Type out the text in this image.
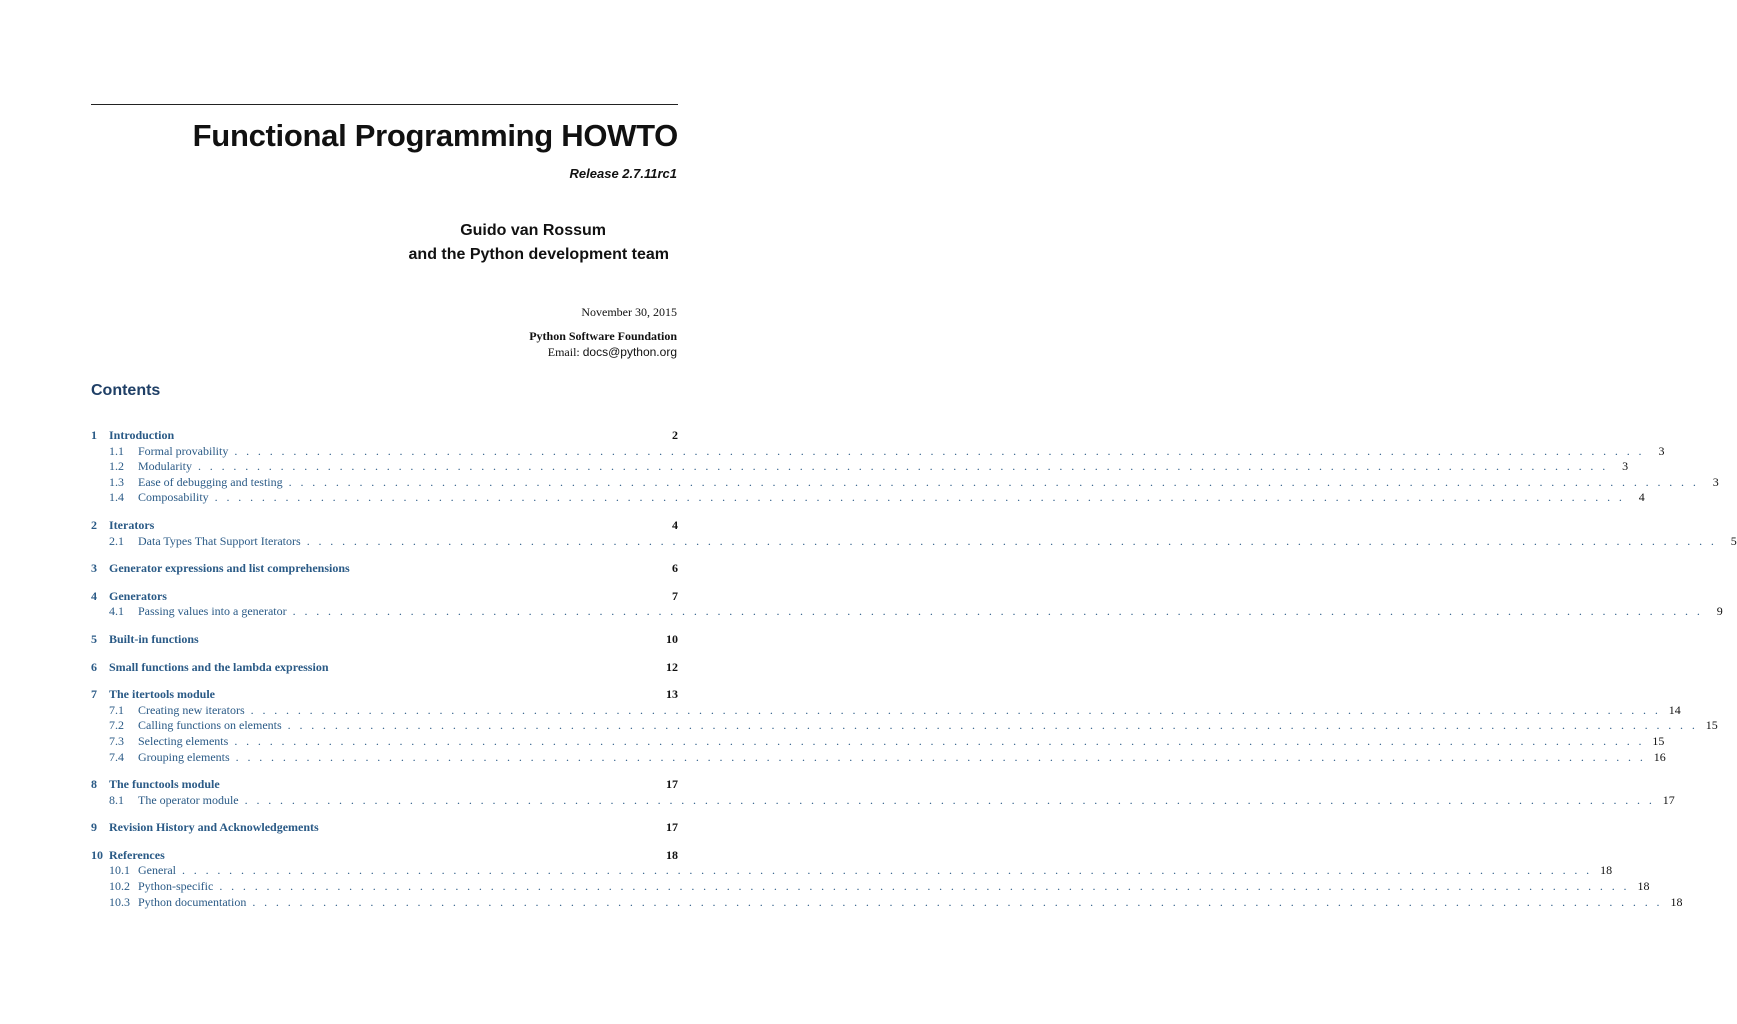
Functional Programming HOWTO
Release 2.7.11rc1
Guido van Rossum
and the Python development team
November 30, 2015
Python Software Foundation
Email: docs@python.org
Contents
1	Introduction	2
1.1	Formal provability . . . . . . . . . . . . . . . . . . . . . . . . . . . . . . . . . . . . . . . . . . . . . . . . . . . . . . . . . . . . . . . . . . . . . . . . . . . . . . . . . . . . . . . . . . . . . . . . . . . . . . . . . . . . . . . . . . . . . . . .	3
1.2	Modularity . . . . . . . . . . . . . . . . . . . . . . . . . . . . . . . . . . . . . . . . . . . . . . . . . . . . . . . . . . . . . . . . . . . . . . . . . . . . . . . . . . . . . . . . . . . . . . . . . . . . . . . . . . . . . . . . . . . . . . . .	3
1.3	Ease of debugging and testing . . . . . . . . . . . . . . . . . . . . . . . . . . . . . . . . . . . . . . . . . . . . . . . . . . . . . . . . . . . . . . . . . . . . . . . . . . . . . . . . . . . . . . . . . . . . . . . . . . . . . . . . . . . . . . . . . . . . . . . .	3
1.4	Composability . . . . . . . . . . . . . . . . . . . . . . . . . . . . . . . . . . . . . . . . . . . . . . . . . . . . . . . . . . . . . . . . . . . . . . . . . . . . . . . . . . . . . . . . . . . . . . . . . . . . . . . . . . . . . . . . . . . . . . . .	4
2	Iterators	4
2.1	Data Types That Support Iterators . . . . . . . . . . . . . . . . . . . . . . . . . . . . . . . . . . . . . . . . . . . . . . . . . . . . . . . . . . . . . . . . . . . . . . . . . . . . . . . . . . . . . . . . . . . . . . . . . . . . . . . . . . . . . . . . . . . . . . . .	5
3	Generator expressions and list comprehensions	6
4	Generators	7
4.1	Passing values into a generator . . . . . . . . . . . . . . . . . . . . . . . . . . . . . . . . . . . . . . . . . . . . . . . . . . . . . . . . . . . . . . . . . . . . . . . . . . . . . . . . . . . . . . . . . . . . . . . . . . . . . . . . . . . . . . . . . . . . . . . .	9
5	Built-in functions	10
6	Small functions and the lambda expression	12
7	The itertools module	13
7.1	Creating new iterators . . . . . . . . . . . . . . . . . . . . . . . . . . . . . . . . . . . . . . . . . . . . . . . . . . . . . . . . . . . . . . . . . . . . . . . . . . . . . . . . . . . . . . . . . . . . . . . . . . . . . . . . . . . . . . . . . . . . . . . . 14
7.2	Calling functions on elements . . . . . . . . . . . . . . . . . . . . . . . . . . . . . . . . . . . . . . . . . . . . . . . . . . . . . . . . . . . . . . . . . . . . . . . . . . . . . . . . . . . . . . . . . . . . . . . . . . . . . . . . . . . . . . . . . . . . . . . . 15
7.3	Selecting elements . . . . . . . . . . . . . . . . . . . . . . . . . . . . . . . . . . . . . . . . . . . . . . . . . . . . . . . . . . . . . . . . . . . . . . . . . . . . . . . . . . . . . . . . . . . . . . . . . . . . . . . . . . . . . . . . . . . . . . . . 15
7.4	Grouping elements . . . . . . . . . . . . . . . . . . . . . . . . . . . . . . . . . . . . . . . . . . . . . . . . . . . . . . . . . . . . . . . . . . . . . . . . . . . . . . . . . . . . . . . . . . . . . . . . . . . . . . . . . . . . . . . . . . . . . . . . 16
8	The functools module	17
8.1	The operator module . . . . . . . . . . . . . . . . . . . . . . . . . . . . . . . . . . . . . . . . . . . . . . . . . . . . . . . . . . . . . . . . . . . . . . . . . . . . . . . . . . . . . . . . . . . . . . . . . . . . . . . . . . . . . . . . . . . . . . . . 17
9	Revision History and Acknowledgements	17
10 References	18
10.1 General . . . . . . . . . . . . . . . . . . . . . . . . . . . . . . . . . . . . . . . . . . . . . . . . . . . . . . . . . . . . . . . . . . . . . . . . . . . . . . . . . . . . . . . . . . . . . . . . . . . . . . . . . . . . . . . . . . . . . . . . 18
10.2 Python-specific . . . . . . . . . . . . . . . . . . . . . . . . . . . . . . . . . . . . . . . . . . . . . . . . . . . . . . . . . . . . . . . . . . . . . . . . . . . . . . . . . . . . . . . . . . . . . . . . . . . . . . . . . . . . . . . . . . . . . . . . 18
10.3 Python documentation . . . . . . . . . . . . . . . . . . . . . . . . . . . . . . . . . . . . . . . . . . . . . . . . . . . . . . . . . . . . . . . . . . . . . . . . . . . . . . . . . . . . . . . . . . . . . . . . . . . . . . . . . . . . . . . . . . . . . . . . 18
